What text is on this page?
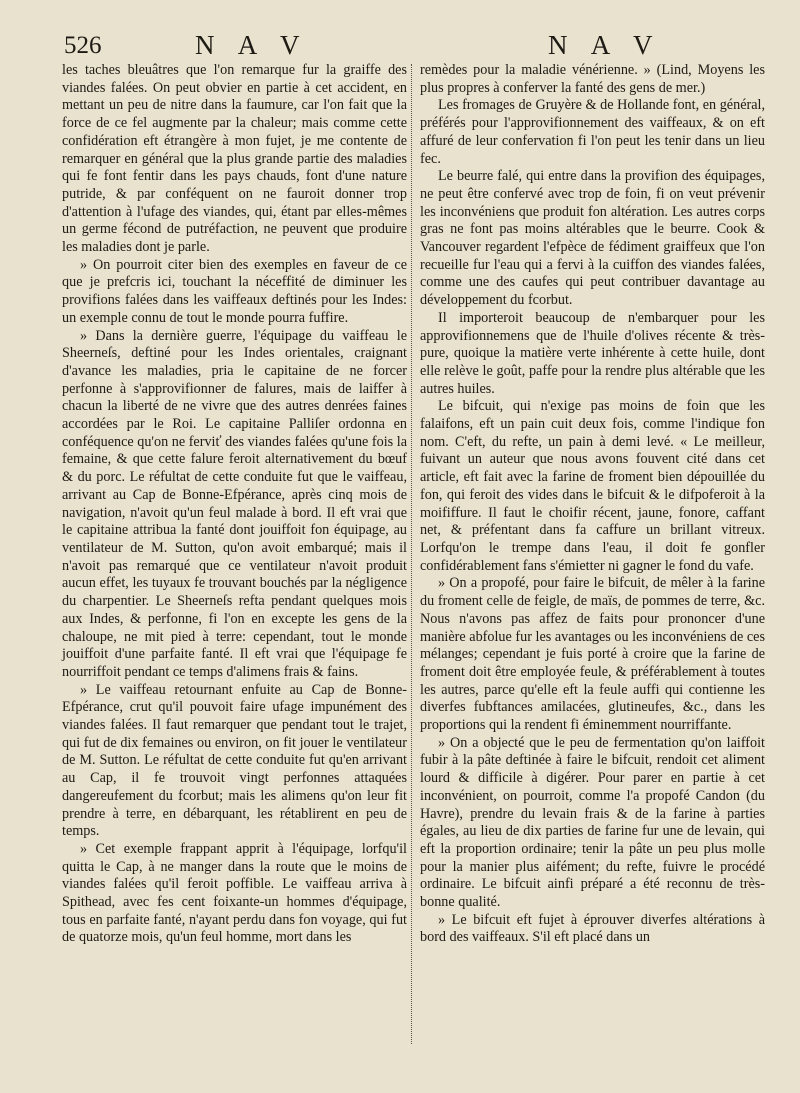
526	N A V	N A V

les taches bleuâtres que l'on remarque fur la graiffe des viandes falées. On peut obvier en partie à cet accident, en mettant un peu de nitre dans la faumure, car l'on fait que la force de ce fel augmente par la chaleur; mais comme cette confidération eft étrangère à mon fujet, je me contente de remarquer en général que la plus grande partie des maladies qui fe font fentir dans les pays chauds, font d'une nature putride, & par conféquent on ne fauroit donner trop d'attention à l'ufage des viandes, qui, étant par elles-mêmes un germe fécond de putréfaction, ne peuvent que produire les maladies dont je parle.

» On pourroit citer bien des exemples en faveur de ce que je prefcris ici, touchant la néceffité de diminuer les provifions falées dans les vaiffeaux deftinés pour les Indes: un exemple connu de tout le monde pourra fuffire.

» Dans la dernière guerre, l'équipage du vaiffeau le Sheerneſs, deftiné pour les Indes orientales, craignant d'avance les maladies, pria le capitaine de ne forcer perfonne à s'approvifionner de falures, mais de laiffer à chacun la liberté de ne vivre que des autres denrées faines accordées par le Roi. Le capitaine Palliſer ordonna en conféquence qu'on ne ferviť des viandes falées qu'une fois la femaine, & que cette falure feroit alternativement du bœuf & du porc. Le réfultat de cette conduite fut que le vaiffeau, arrivant au Cap de Bonne-Efpérance, après cinq mois de navigation, n'avoit qu'un feul malade à bord. Il eft vrai que le capitaine attribua la fanté dont jouiffoit fon équipage, au ventilateur de M. Sutton, qu'on avoit embarqué; mais il n'avoit pas remarqué que ce ventilateur n'avoit produit aucun effet, les tuyaux fe trouvant bouchés par la négligence du charpentier. Le Sheerneſs refta pendant quelques mois aux Indes, & perfonne, fi l'on en excepte les gens de la chaloupe, ne mit pied à terre: cependant, tout le monde jouiffoit d'une parfaite fanté. Il eft vrai que l'équipage fe nourriffoit pendant ce temps d'alimens frais & fains.

» Le vaiffeau retournant enfuite au Cap de Bonne-Efpérance, crut qu'il pouvoit faire ufage impunément des viandes falées. Il faut remarquer que pendant tout le trajet, qui fut de dix femaines ou environ, on fit jouer le ventilateur de M. Sutton. Le réfultat de cette conduite fut qu'en arrivant au Cap, il fe trouvoit vingt perfonnes attaquées dangereufement du fcorbut; mais les alimens qu'on leur fit prendre à terre, en débarquant, les rétablirent en peu de temps.

» Cet exemple frappant apprit à l'équipage, lorfqu'il quitta le Cap, à ne manger dans la route que le moins de viandes falées qu'il feroit poffible. Le vaiffeau arriva à Spithead, avec fes cent foixante-un hommes d'équipage, tous en parfaite fanté, n'ayant perdu dans fon voyage, qui fut de quatorze mois, qu'un feul homme, mort dans les

remèdes pour la maladie vénérienne. » (Lind, Moyens les plus propres à conferver la fanté des gens de mer.)

Les fromages de Gruyère & de Hollande font, en général, préférés pour l'approvifionnement des vaiffeaux, & on eft affuré de leur confervation fi l'on peut les tenir dans un lieu fec.

Le beurre falé, qui entre dans la provifion des équipages, ne peut être confervé avec trop de foin, fi on veut prévenir les inconvéniens que produit fon altération. Les autres corps gras ne font pas moins altérables que le beurre. Cook & Vancouver regardent l'efpèce de fédiment graiffeux que l'on recueille fur l'eau qui a fervi à la cuiffon des viandes falées, comme une des caufes qui peut contribuer davantage au développement du fcorbut.

Il importeroit beaucoup de n'embarquer pour les approvifionnemens que de l'huile d'olives récente & très-pure, quoique la matière verte inhérente à cette huile, dont elle relève le goût, paffe pour la rendre plus altérable que les autres huiles.

Le bifcuit, qui n'exige pas moins de foin que les falaifons, eft un pain cuit deux fois, comme l'indique fon nom. C'eft, du refte, un pain à demi levé. « Le meilleur, fuivant un auteur que nous avons fouvent cité dans cet article, eft fait avec la farine de froment bien dépouillée du fon, qui feroit des vides dans le bifcuit & le difpoferoit à la moififfure. Il faut le choifir récent, jaune, fonore, caffant net, & préfentant dans fa caffure un brillant vitreux. Lorfqu'on le trempe dans l'eau, il doit fe gonfler confidérablement fans s'émietter ni gagner le fond du vafe.

» On a propofé, pour faire le bifcuit, de mêler à la farine du froment celle de feigle, de maïs, de pommes de terre, &c. Nous n'avons pas affez de faits pour prononcer d'une manière abfolue fur les avantages ou les inconvéniens de ces mélanges; cependant je fuis porté à croire que la farine de froment doit être employée feule, & préférablement à toutes les autres, parce qu'elle eft la feule auffi qui contienne les diverfes fubftances amilacées, glutineufes, &c., dans les proportions qui la rendent fi éminemment nourriffante.

» On a objecté que le peu de fermentation qu'on laiffoit fubir à la pâte deftinée à faire le bifcuit, rendoit cet aliment lourd & difficile à digérer. Pour parer en partie à cet inconvénient, on pourroit, comme l'a propofé Candon (du Havre), prendre du levain frais & de la farine à parties égales, au lieu de dix parties de farine fur une de levain, qui eft la proportion ordinaire; tenir la pâte un peu plus molle pour la manier plus aifément; du refte, fuivre le procédé ordinaire. Le bifcuit ainfi préparé a été reconnu de très-bonne qualité.

» Le bifcuit eft fujet à éprouver diverfes altérations à bord des vaiffeaux. S'il eft placé dans un
